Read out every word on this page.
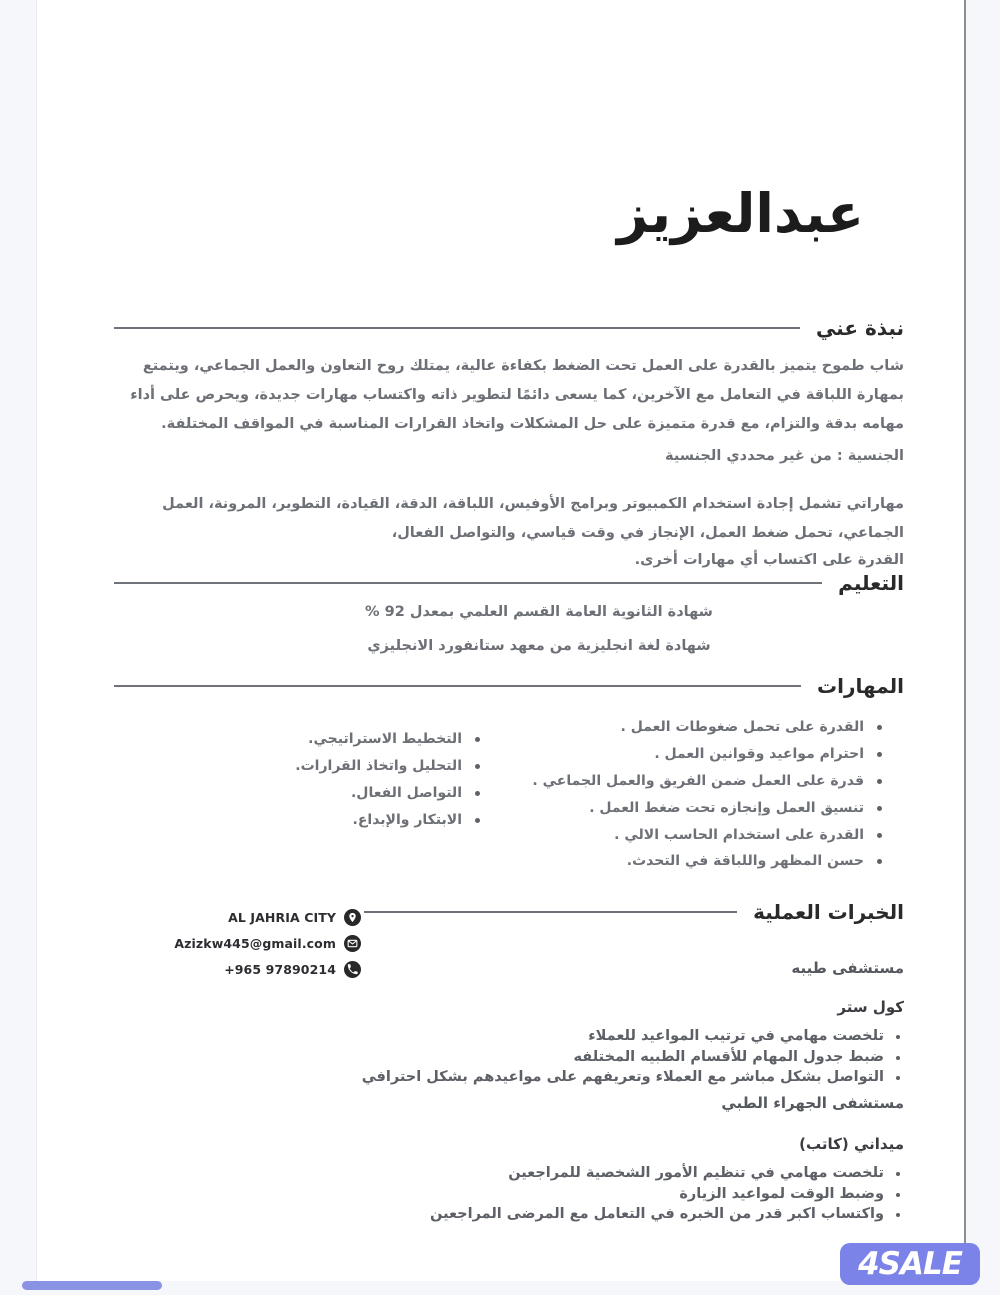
عبدالعزيز
نبذة عني
شاب طموح يتميز بالقدرة على العمل تحت الضغط بكفاءة عالية، يمتلك روح التعاون والعمل الجماعي، ويتمتع بمهارة اللباقة في التعامل مع الآخرين، كما يسعى دائمًا لتطوير ذاته واكتساب مهارات جديدة، ويحرص على أداء مهامه بدقة والتزام، مع قدرة متميزة على حل المشكلات واتخاذ القرارات المناسبة في المواقف المختلفة.
الجنسية : من غير محددي الجنسية
مهاراتي تشمل إجادة استخدام الكمبيوتر وبرامج الأوفيس، اللباقة، الدقة، القيادة، التطوير، المرونة، العمل الجماعي، تحمل ضغط العمل، الإنجاز في وقت قياسي، والتواصل الفعال،
القدرة على اكتساب أي مهارات أخرى.
التعليم
شهادة الثانوية العامة القسم العلمي بمعدل 92 %
شهادة لغة انجليزية من معهد ستانفورد الانجليزي
المهارات
القدرة على تحمل ضغوطات العمل .
احترام مواعيد وقوانين العمل .
قدرة على العمل ضمن الفريق والعمل الجماعي .
تنسيق العمل وإنجازه تحت ضغط العمل .
القدرة على استخدام الحاسب الالي .
حسن المظهر واللباقة في التحدث.
التخطيط الاستراتيجي.
التحليل واتخاذ القرارات.
التواصل الفعال.
الابتكار والإبداع.
الخبرات العملية
مستشفى طيبه
كول ستر
تلخصت مهامي في ترتيب المواعيد للعملاء
ضبط جدول المهام للأقسام الطبيه المختلفه
التواصل بشكل مباشر مع العملاء وتعريفهم على مواعيدهم بشكل احترافي
مستشفى الجهراء الطبي
ميداني (كاتب)
تلخصت مهامي في تنظيم الأمور الشخصية للمراجعين
وضبط الوقت لمواعيد الزيارة
واكتساب اكبر قدر من الخبره في التعامل مع المرضى المراجعين
AL JAHRIA CITY
Azizkw445@gmail.com
+965 97890214
4SALE
